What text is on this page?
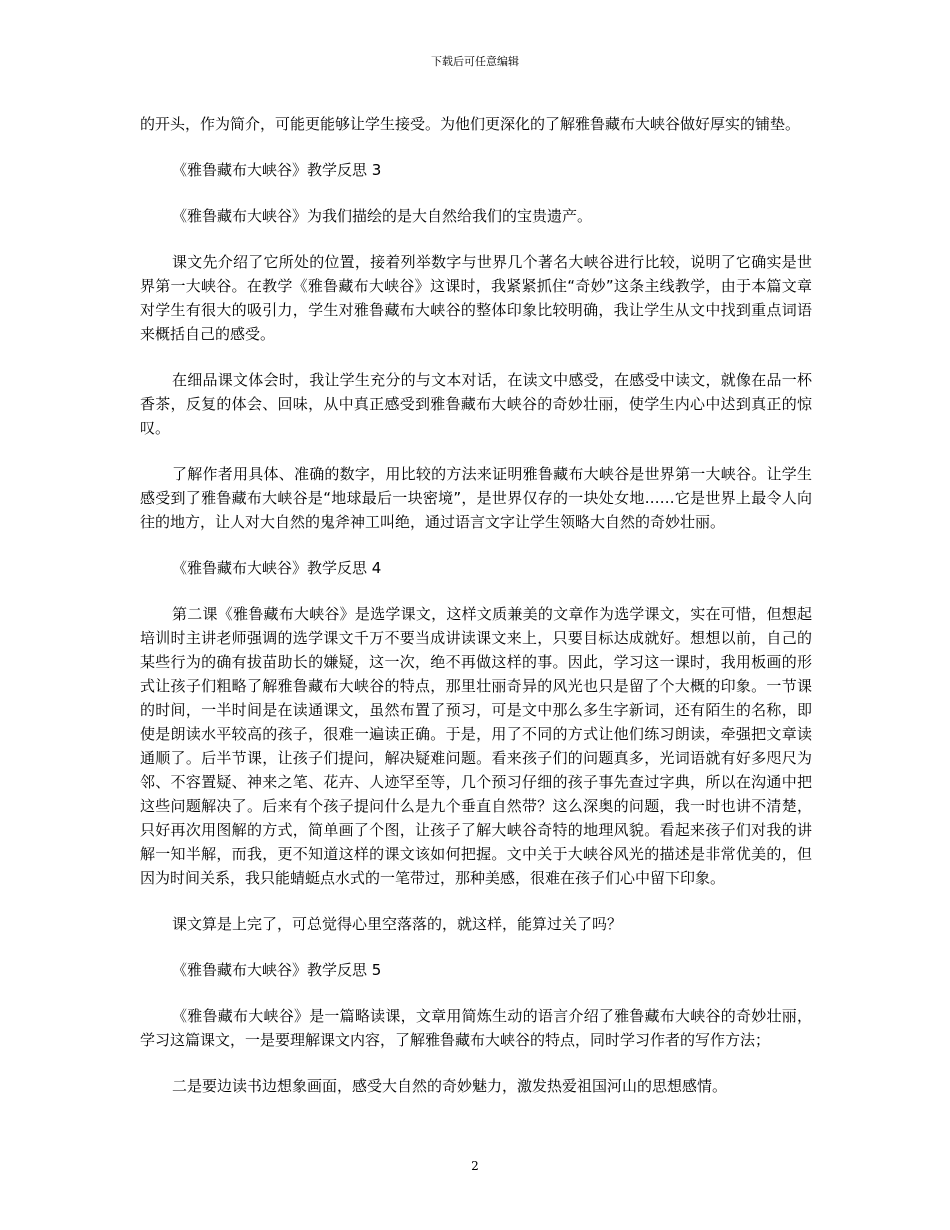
下载后可任意编辑

的开头，作为简介，可能更能够让学生接受。为他们更深化的了解雅鲁藏布大峡谷做好厚实的铺垫。

《雅鲁藏布大峡谷》教学反思 3

《雅鲁藏布大峡谷》为我们描绘的是大自然给我们的宝贵遗产。

课文先介绍了它所处的位置，接着列举数字与世界几个著名大峡谷进行比较，说明了它确实是世界第一大峡谷。在教学《雅鲁藏布大峡谷》这课时，我紧紧抓住“奇妙”这条主线教学，由于本篇文章对学生有很大的吸引力，学生对雅鲁藏布大峡谷的整体印象比较明确，我让学生从文中找到重点词语来概括自己的感受。

在细品课文体会时，我让学生充分的与文本对话，在读文中感受，在感受中读文，就像在品一杯香茶，反复的体会、回味，从中真正感受到雅鲁藏布大峡谷的奇妙壮丽，使学生内心中迖到真正的惊叹。

了解作者用具体、准确的数字，用比较的方法来证明雅鲁藏布大峡谷是世界第一大峡谷。让学生感受到了雅鲁藏布大峡谷是“地球最后一块密境”，是世界仅存的一块处女地……它是世界上最令人向往的地方，让人对大自然的鬼斧神工叫绝，通过语言文字让学生领略大自然的奇妙壮丽。

《雅鲁藏布大峡谷》教学反思 4

第二课《雅鲁藏布大峡谷》是选学课文，这样文质兼美的文章作为选学课文，实在可惜，但想起培训时主讲老师强调的选学课文千万不要当成讲读课文来上，只要目标达成就好。想想以前，自己的某些行为的确有拔苗助长的嫌疑，这一次，绝不再做这样的事。因此，学习这一课时，我用板画的形式让孩子们粗略了解雅鲁藏布大峡谷的特点，那里壮丽奇异的风光也只是留了个大概的印象。一节课的时间，一半时间是在读通课文，虽然布置了预习，可是文中那么多生字新词，还有陌生的名称，即使是朗读水平较高的孩子，很难一遍读正确。于是，用了不同的方式让他们练习朗读，牵强把文章读通顺了。后半节课，让孩子们提问，解决疑难问题。看来孩子们的问题真多，光词语就有好多咫尺为邻、不容置疑、神来之笔、花卉、人迹罕至等，几个预习仔细的孩子事先查过字典，所以在沟通中把这些问题解决了。后来有个孩子提问什么是九个垂直自然带？这么深奥的问题，我一时也讲不清楚，只好再次用图解的方式，简单画了个图，让孩子了解大峡谷奇特的地理风貌。看起来孩子们对我的讲解一知半解，而我，更不知道这样的课文该如何把握。文中关于大峡谷风光的描述是非常优美的，但因为时间关系，我只能蜻蜓点水式的一笔带过，那种美感，很难在孩子们心中留下印象。

课文算是上完了，可总觉得心里空落落的，就这样，能算过关了吗？

《雅鲁藏布大峡谷》教学反思 5

《雅鲁藏布大峡谷》是一篇略读课，文章用简炼生动的语言介绍了雅鲁藏布大峡谷的奇妙壮丽，学习这篇课文，一是要理解课文内容，了解雅鲁藏布大峡谷的特点，同时学习作者的写作方法；

二是要边读书边想象画面，感受大自然的奇妙魅力，激发热爱祖国河山的思想感情。

2
